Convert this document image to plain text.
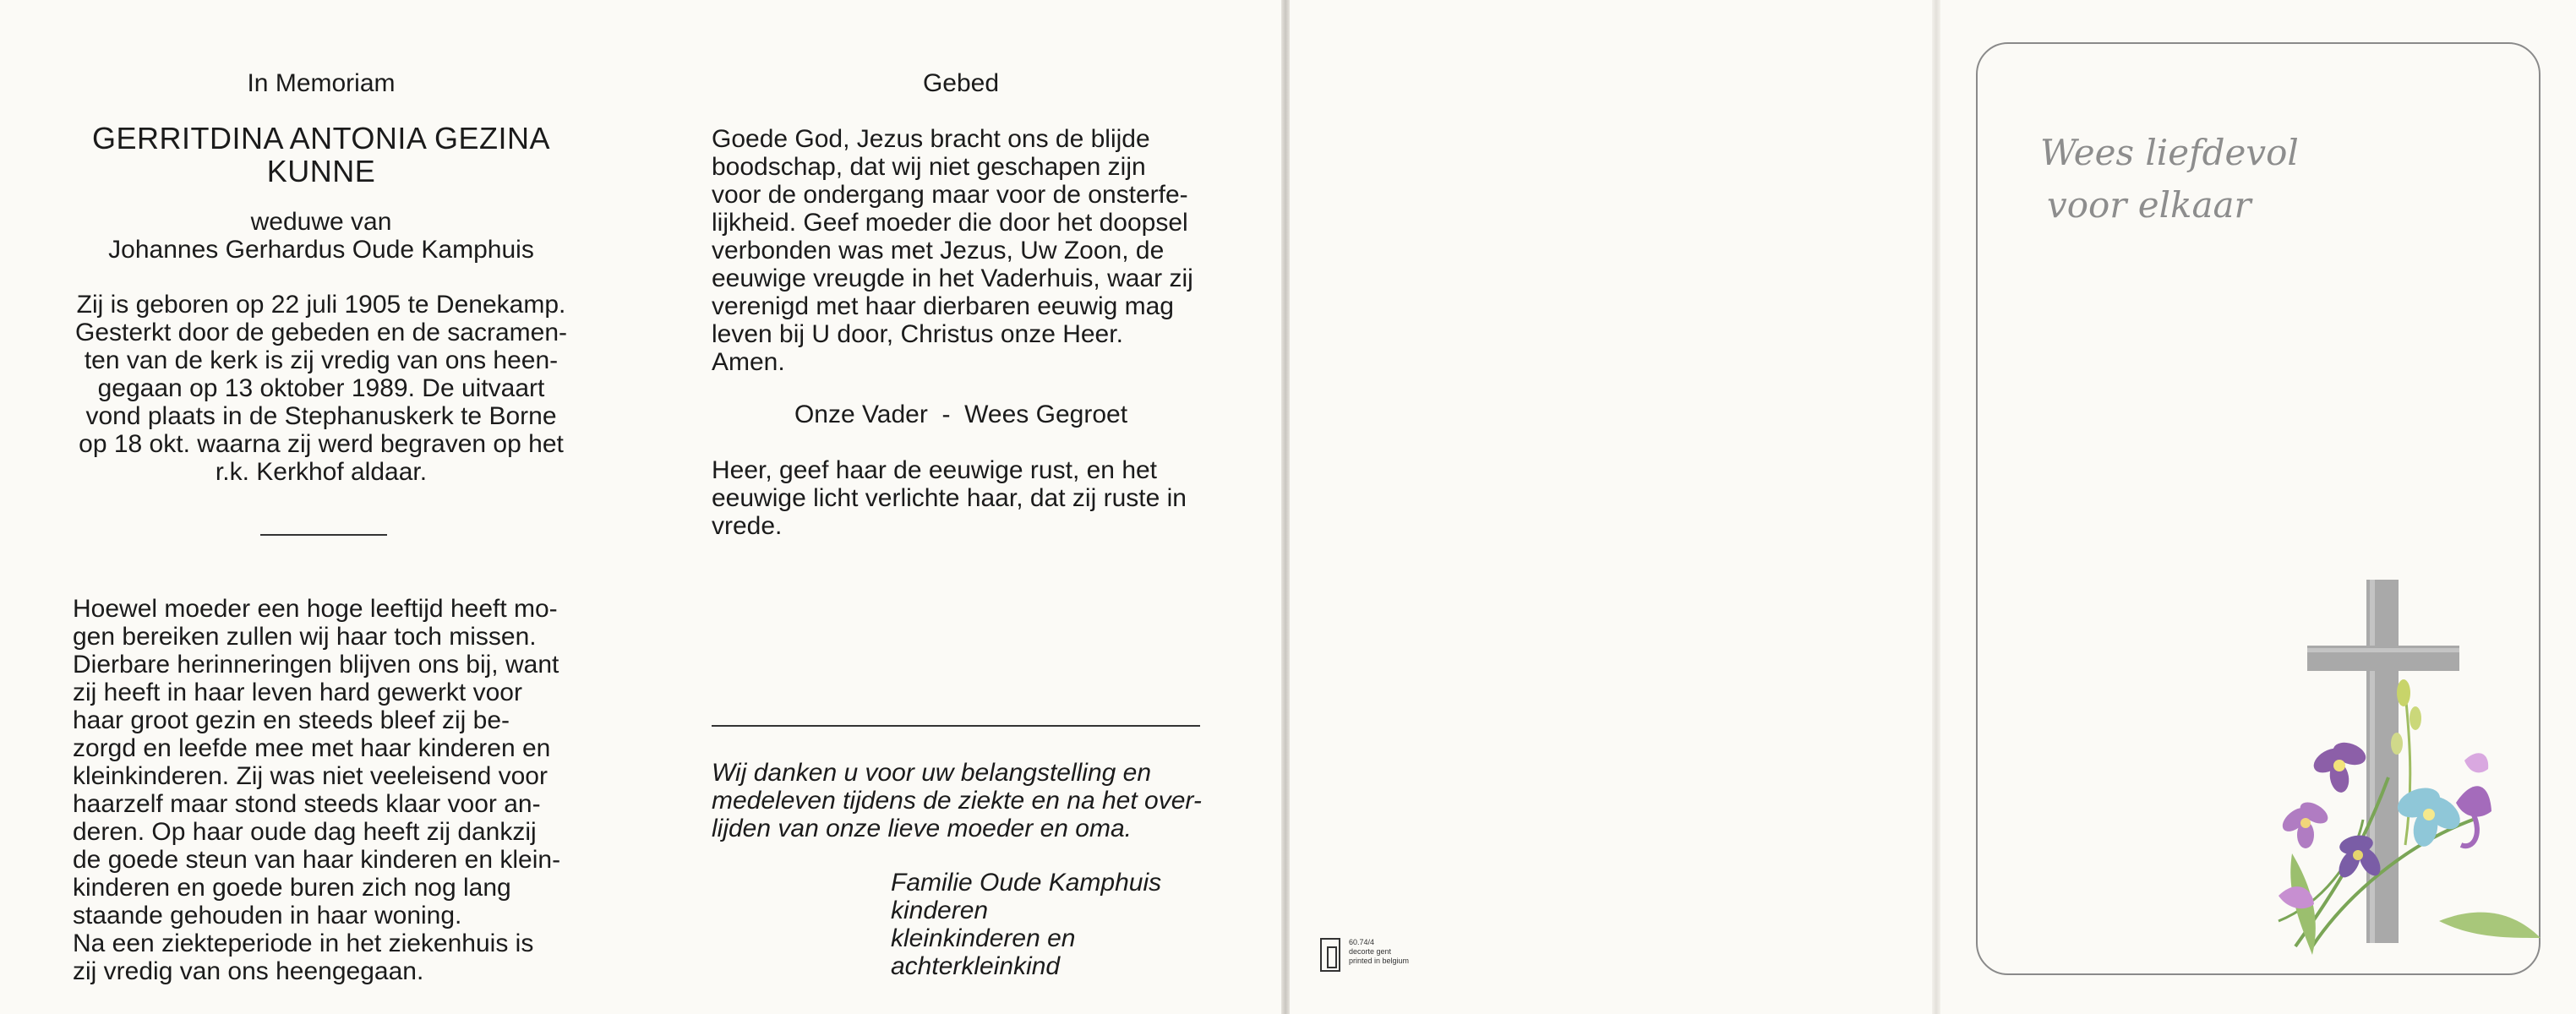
In Memoriam
GERRITDINA ANTONIA GEZINA
KUNNE
weduwe van
Johannes Gerhardus Oude Kamphuis
Zij is geboren op 22 juli 1905 te Denekamp.
Gesterkt door de gebeden en de sacramen-
ten van de kerk is zij vredig van ons heen-
gegaan op 13 oktober 1989. De uitvaart
vond plaats in de Stephanuskerk te Borne
op 18 okt. waarna zij werd begraven op het
r.k. Kerkhof aldaar.
Hoewel moeder een hoge leeftijd heeft mo-
gen bereiken zullen wij haar toch missen.
Dierbare herinneringen blijven ons bij, want
zij heeft in haar leven hard gewerkt voor
haar groot gezin en steeds bleef zij be-
zorgd en leefde mee met haar kinderen en
kleinkinderen. Zij was niet veeleisend voor
haarzelf maar stond steeds klaar voor an-
deren. Op haar oude dag heeft zij dankzij
de goede steun van haar kinderen en klein-
kinderen en goede buren zich nog lang
staande gehouden in haar woning.
Na een ziekteperiode in het ziekenhuis is
zij vredig van ons heengegaan.
Gebed
Goede God, Jezus bracht ons de blijde
boodschap, dat wij niet geschapen zijn
voor de ondergang maar voor de onsterfe-
lijkheid. Geef moeder die door het doopsel
verbonden was met Jezus, Uw Zoon, de
eeuwige vreugde in het Vaderhuis, waar zij
verenigd met haar dierbaren eeuwig mag
leven bij U door, Christus onze Heer.
Amen.
Onze Vader  -  Wees Gegroet
Heer, geef haar de eeuwige rust, en het
eeuwige licht verlichte haar, dat zij ruste in
vrede.
Wij danken u voor uw belangstelling en
medeleven tijdens de ziekte en na het over-
lijden van onze lieve moeder en oma.
Familie Oude Kamphuis
kinderen
kleinkinderen en
achterkleinkind
60.74/4
decorte gent
printed in belgium
Wees liefdevol
voor elkaar
